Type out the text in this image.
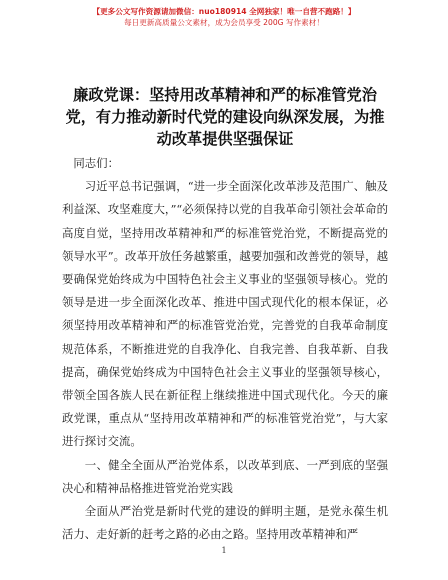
【更多公文写作资源请加微信：nuo180914 全网独家！唯一自营不跑路！】
每日更新高质量公文素材，成为会员享受 200G 写作素材！
廉政党课：坚持用改革精神和严的标准管党治党，有力推动新时代党的建设向纵深发展，为推动改革提供坚强保证

同志们：

习近平总书记强调，“进一步全面深化改革涉及范围广、触及利益深、攻坚难度大，”“必须保持以党的自我革命引领社会革命的高度自觉，坚持用改革精神和严的标准管党治党，不断提高党的领导水平”。改革开放任务越繁重，越要加强和改善党的领导，越要确保党始终成为中国特色社会主义事业的坚强领导核心。党的领导是进一步全面深化改革、推进中国式现代化的根本保证，必须坚持用改革精神和严的标准管党治党，完善党的自我革命制度规范体系，不断推进党的自我净化、自我完善、自我革新、自我提高，确保党始终成为中国特色社会主义事业的坚强领导核心，带领全国各族人民在新征程上继续推进中国式现代化。今天的廉政党课，重点从“坚持用改革精神和严的标准管党治党”，与大家进行探讨交流。

一、健全全面从严治党体系，以改革到底、一严到底的坚强决心和精神品格推进管党治党实践

全面从严治党是新时代党的建设的鲜明主题，是党永葆生机活力、走好新的赶考之路的必由之路。坚持用改革精神和严

1
